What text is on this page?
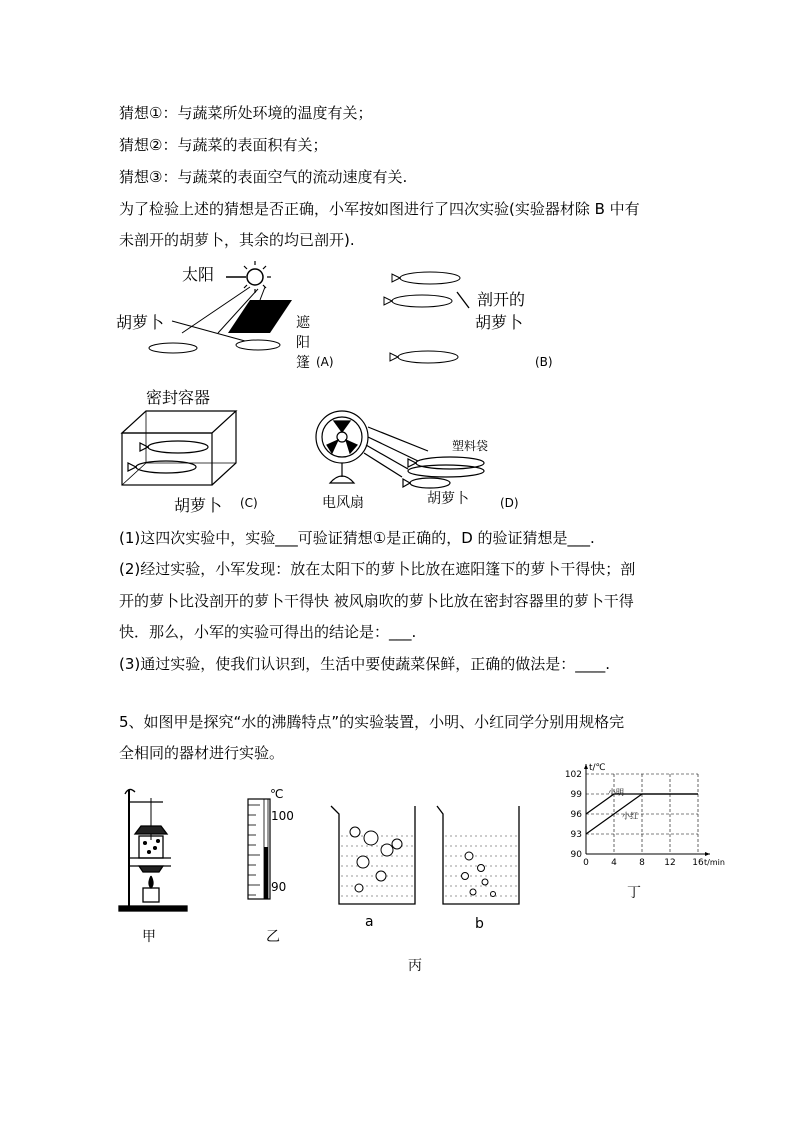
猜想①：与蔬菜所处环境的温度有关；
猜想②：与蔬菜的表面积有关；
猜想③：与蔬菜的表面空气的流动速度有关.
为了检验上述的猜想是否正确，小军按如图进行了四次实验(实验器材除 B 中有
未剖开的胡萝卜，其余的均已剖开).
太阳
胡萝卜	遮
阳
篷 (A)
剖开的
胡萝卜
(B)
密封容器
胡萝卜 (C)
塑料袋
电风扇	胡萝卜	(D)
(1)这四次实验中，实验___可验证猜想①是正确的，D 的验证猜想是___.
(2)经过实验，小军发现：放在太阳下的萝卜比放在遮阳篷下的萝卜干得快；剖
开的萝卜比没剖开的萝卜干得快 被风扇吹的萝卜比放在密封容器里的萝卜干得
快．那么，小军的实验可得出的结论是：___.
(3)通过实验，使我们认识到，生活中要使蔬菜保鲜，正确的做法是：____.
5、如图甲是探究“水的沸腾特点”的实验装置，小明、小红同学分别用规格完
全相同的器材进行实验。
甲
℃
100
90
乙
a	b
丙
90
93
96
99
102
0 4 8 12 16
t/℃
t/min
小明
小红
丁
